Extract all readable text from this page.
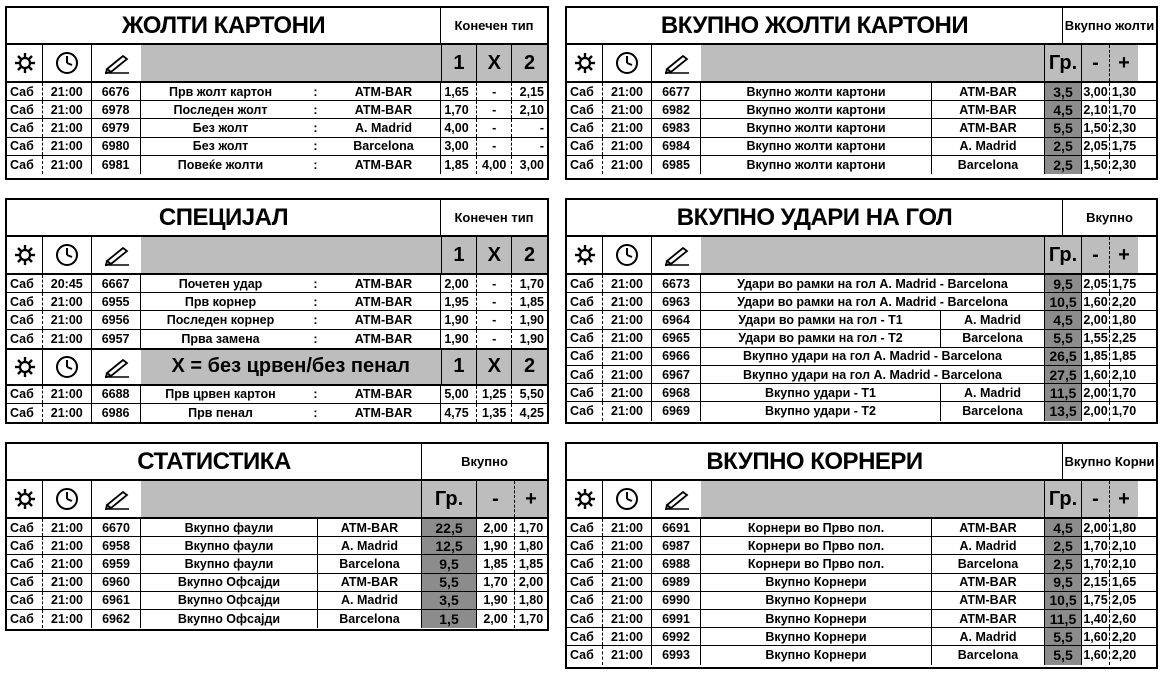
ЖОЛТИ КАРТОНИ	Конечен тип
1	X	2
Саб	21:00	6676	Прв жолт картон	:	ATM-BAR	1,65	-	2,15
Саб	21:00	6978	Последен жолт	:	ATM-BAR	1,70	-	2,10
Саб	21:00	6979	Без жолт	:	A. Madrid	4,00	-	-
Саб	21:00	6980	Без жолт	:	Barcelona	3,00	-	-
Саб	21:00	6981	Повеќе жолти	:	ATM-BAR	1,85	4,00	3,00
ВКУПНО ЖОЛТИ КАРТОНИ	Вкупно жолти
Гр. - +
Саб	21:00	6677	Вкупно жолти картони	ATM-BAR	3,5 3,00 1,30
Саб	21:00	6982	Вкупно жолти картони	ATM-BAR	4,5 2,10 1,70
Саб	21:00	6983	Вкупно жолти картони	ATM-BAR	5,5 1,50 2,30
Саб	21:00	6984	Вкупно жолти картони	A. Madrid	2,5 2,05 1,75
Саб	21:00	6985	Вкупно жолти картони	Barcelona	2,5 1,50 2,30
СПЕЦИЈАЛ	Конечен тип
1	X	2
Саб	20:45	6667	Почетен удар	:	ATM-BAR	2,00	-	1,70
Саб	21:00	6955	Прв корнер	:	ATM-BAR	1,95	-	1,85
Саб	21:00	6956	Последен корнер	:	ATM-BAR	1,90	-	1,90
Саб	21:00	6957	Прва замена	:	ATM-BAR	1,90	-	1,90
X = без црвен/без пенал	1	X	2
Саб	21:00	6688	Прв црвен картон	:	ATM-BAR	5,00	1,25	5,50
Саб	21:00	6986	Прв пенал	:	ATM-BAR	4,75	1,35	4,25
ВКУПНО УДАРИ НА ГОЛ	Вкупно
Гр. - +
Саб	21:00	6673	Удари во рамки на гол A. Madrid - Barcelona	9,5 2,05 1,75
Саб	21:00	6963	Удари во рамки на гол A. Madrid - Barcelona	10,5 1,60 2,20
Саб	21:00	6964	Удари во рамки на гол - Т1	A. Madrid	4,5 2,00 1,80
Саб	21:00	6965	Удари во рамки на гол - Т2	Barcelona	5,5 1,55 2,25
Саб	21:00	6966	Вкупно удари на гол A. Madrid - Barcelona	26,5 1,85 1,85
Саб	21:00	6967	Вкупно удари на гол A. Madrid - Barcelona	27,5 1,60 2,10
Саб	21:00	6968	Вкупно удари - Т1	A. Madrid	11,5 2,00 1,70
Саб	21:00	6969	Вкупно удари - Т2	Barcelona	13,5 2,00 1,70
СТАТИСТИКА	Вкупно
Гр.	-	+
Саб	21:00	6670	Вкупно фаули	ATM-BAR	22,5	2,00 1,70
Саб	21:00	6958	Вкупно фаули	A. Madrid	12,5	1,90 1,80
Саб	21:00	6959	Вкупно фаули	Barcelona	9,5	1,85 1,85
Саб	21:00	6960	Вкупно Офсајди	ATM-BAR	5,5	1,70 2,00
Саб	21:00	6961	Вкупно Офсајди	A. Madrid	3,5	1,90 1,80
Саб	21:00	6962	Вкупно Офсајди	Barcelona	1,5	2,00 1,70
ВКУПНО КОРНЕРИ	Вкупно Корни
Гр. - +
Саб	21:00	6691	Корнери во Прво пол.	ATM-BAR	4,5 2,00 1,80
Саб	21:00	6987	Корнери во Прво пол.	A. Madrid	2,5 1,70 2,10
Саб	21:00	6988	Корнери во Прво пол.	Barcelona	2,5 1,70 2,10
Саб	21:00	6989	Вкупно Корнери	ATM-BAR	9,5 2,15 1,65
Саб	21:00	6990	Вкупно Корнери	ATM-BAR	10,5 1,75 2,05
Саб	21:00	6991	Вкупно Корнери	ATM-BAR	11,5 1,40 2,60
Саб	21:00	6992	Вкупно Корнери	A. Madrid	5,5 1,60 2,20
Саб	21:00	6993	Вкупно Корнери	Barcelona	5,5 1,60 2,20
